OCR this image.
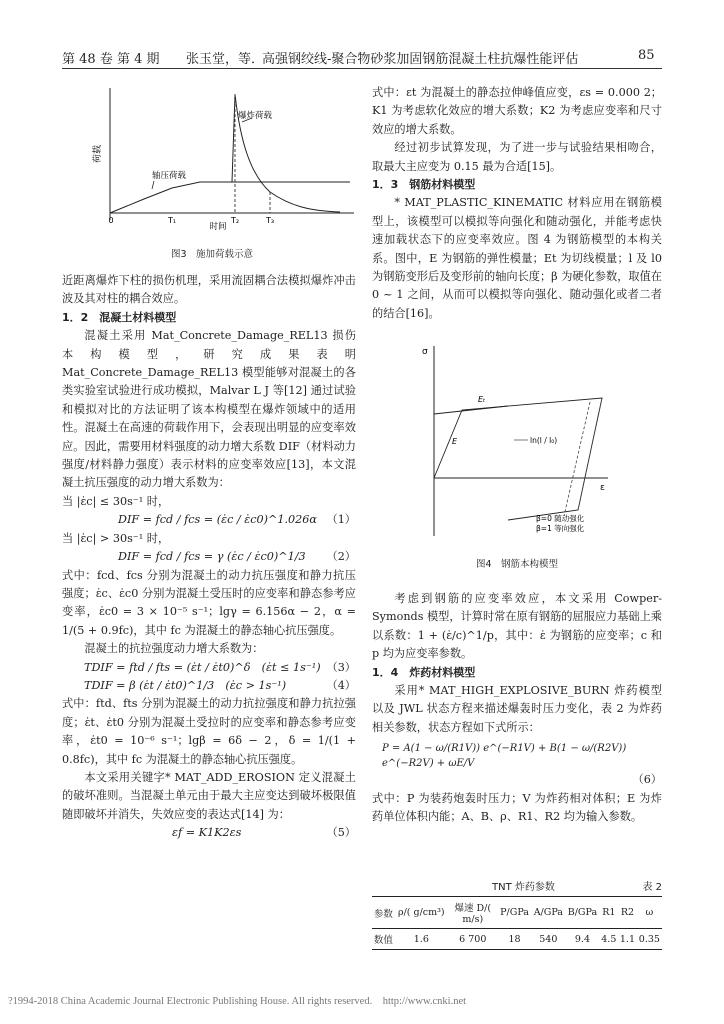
第 48 卷 第 4 期 张玉堂，等．
高强钢绞线-聚合物砂浆加固钢筋混凝土柱抗爆性能评估	85
荷载
爆炸荷载
轴压荷载
0	T₁	T₂	T₃
时间
图3　施加荷载示意

近距离爆炸下柱的损伤机理，采用流固耦合法模拟爆炸冲击波及其对柱的耦合效应。

1．2　混凝土材料模型

混凝土采用 Mat_Concrete_Damage_REL13 损伤本构模型，研究成果表明 Mat_Concrete_Damage_REL13 模型能够对混凝土的各类实验室试验进行成功模拟，Malvar L J 等[12] 通过试验和模拟对比的方法证明了该本构模型在爆炸领域中的适用性。混凝土在高速的荷载作用下，会表现出明显的应变率效应。因此，需要用材料强度的动力增大系数 DIF（材料动力强度/材料静力强度）表示材料的应变率效应[13]，本文混凝土抗压强度的动力增大系数为：

当 |ε̇c| ≤ 30s⁻¹ 时，

DIF = fcd / fcs = (ε̇c / ε̇c0)^1.026α （1）

当 |ε̇c| > 30s⁻¹ 时，

DIF = fcd / fcs = γ (ε̇c / ε̇c0)^1/3 （2）

式中：fcd、fcs 分别为混凝土的动力抗压强度和静力抗压强度；ε̇c、ε̇c0 分别为混凝土受压时的应变率和静态参考应变率，ε̇c0 = 3 × 10⁻⁵ s⁻¹；lgγ = 6.156α − 2，α = 1/(5 + 0.9fc)，其中 fc 为混凝土的静态轴心抗压强度。

混凝土的抗拉强度动力增大系数为：

TDIF = ftd / fts = (ε̇t / ε̇t0)^δ　(ε̇t ≤ 1s⁻¹) （3）
TDIF = β (ε̇t / ε̇t0)^1/3　(ε̇c > 1s⁻¹)	（4）

式中：ftd、fts 分别为混凝土的动力抗拉强度和静力抗拉强度；ε̇t、ε̇t0 分别为混凝土受拉时的应变率和静态参考应变率，ε̇t0 = 10⁻⁶ s⁻¹；lgβ = 6δ − 2，δ = 1/(1 + 0.8fc)，其中 fc 为混凝土的静态轴心抗压强度。

本文采用关键字* MAT_ADD_EROSION 定义混凝土的破坏准则。当混凝土单元由于最大主应变达到破坏极限值随即破坏并消失，失效应变的表达式[14] 为：

εf = K1K2εs	（5）

式中：εt 为混凝土的静态拉伸峰值应变，εs = 0.000 2；K1 为考虑软化效应的增大系数；K2 为考虑应变率和尺寸效应的增大系数。

经过初步试算发现，为了进一步与试验结果相吻合，取最大主应变为 0.15 最为合适[15]。

1．3　钢筋材料模型

* MAT_PLASTIC_KINEMATIC 材料应用在钢筋模型上，该模型可以模拟等向强化和随动强化，并能考虑快速加载状态下的应变率效应。图 4 为钢筋模型的本构关系。图中，E 为钢筋的弹性模量；Et 为切线模量；l 及 l0 为钢筋变形后及变形前的轴向长度；β 为硬化参数，取值在 0 ~ 1 之间，从而可以模拟等向强化、随动强化或者二者的结合[16]。

σ
ε
Eₜ
E	ln(l / l₀)
β=0 随动强化
β=1 等向强化
图4　钢筋本构模型

考虑到钢筋的应变率效应，本文采用 Cowper-Symonds 模型，计算时常在原有钢筋的屈服应力基础上乘以系数：1 + (ε̇/c)^1/p，其中：ε̇ 为钢筋的应变率；c 和 p 均为应变率参数。

1．4　炸药材料模型

采用* MAT_HIGH_EXPLOSIVE_BURN 炸药模型以及 JWL 状态方程来描述爆轰时压力变化，表 2 为炸药相关参数，状态方程如下式所示：

P = A(1 − ω/(R1V)) e^(−R1V) + B(1 − ω/(R2V)) e^(−R2V) + ωE/V
（6）

式中：P 为装药炮轰时压力；V 为炸药相对体积；E 为炸药单位体积内能；A、B、ρ、R1、R2 均为输入参数。

TNT 炸药参数	表 2
参数	ρ/( g/cm³)	爆速 D/( m/s)	P/GPa	A/GPa	B/GPa	R1	R2	ω
数值	1.6	6 700	18	540	9.4	4.5	1.1	0.35
?1994-2018 China Academic Journal Electronic Publishing House. All rights reserved.　http://www.cnki.net
